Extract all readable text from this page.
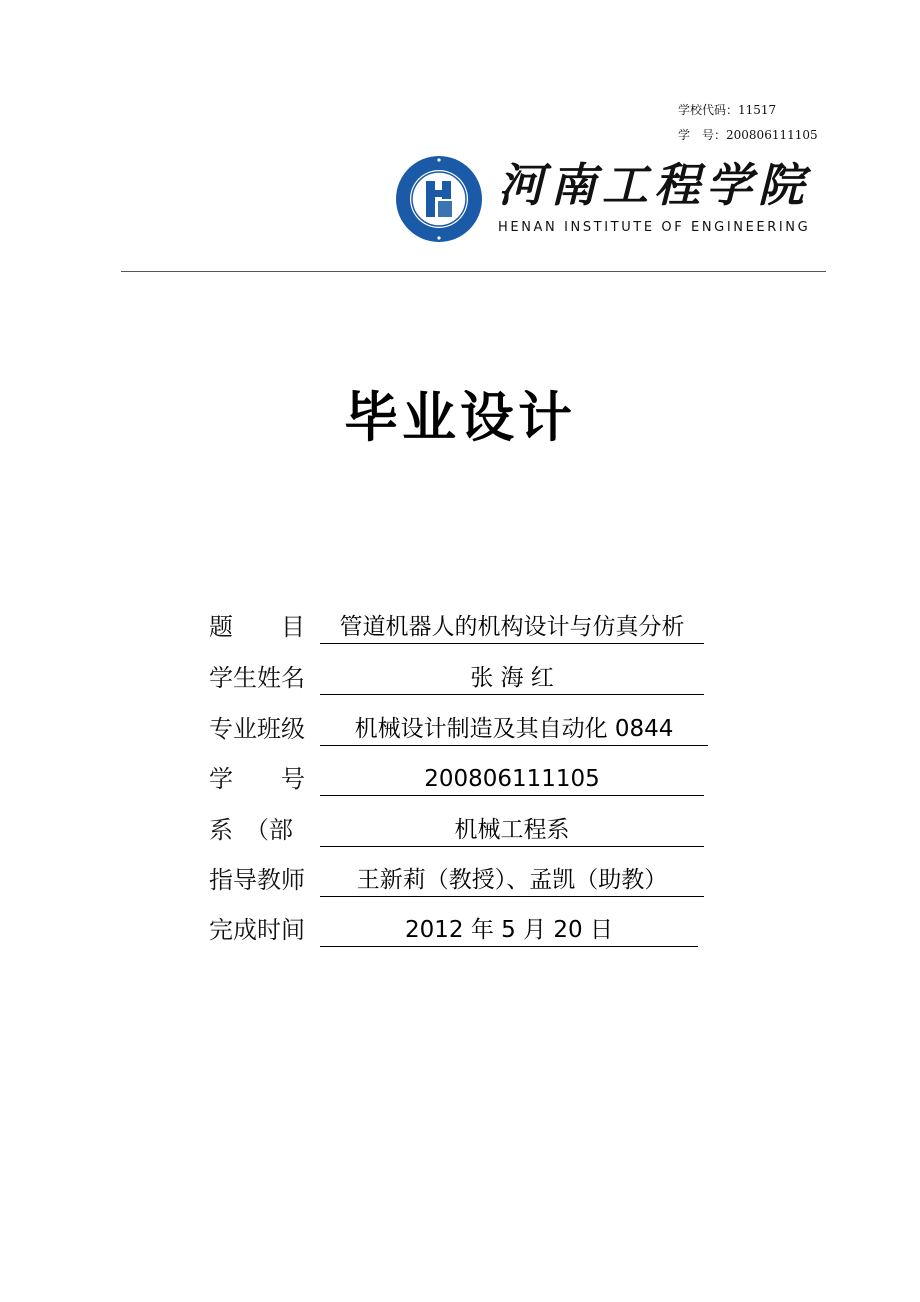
学校代码：11517
学　号：200806111105
河南工程学院
HENAN INSTITUTE OF ENGINEERING
毕业设计
题　　目	管道机器人的机构设计与仿真分析
学生姓名	张 海 红
专业班级	机械设计制造及其自动化 0844
学　　号	200806111105
系　（部	机械工程系
指导教师	王新莉（教授）、孟凯（助教）
完成时间	2012 年 5 月 20 日
